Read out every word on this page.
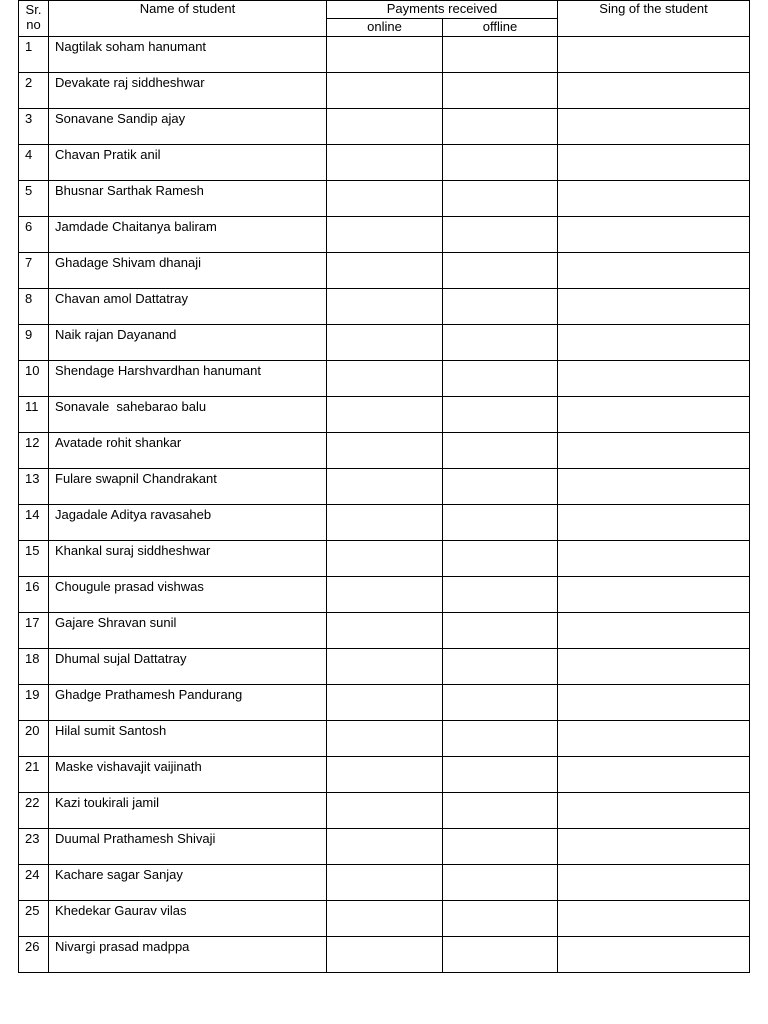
Sr.
no	Name of student	Payments received		Sing of the student
		online	offline	
1	Nagtilak soham hanumant			
2	Devakate raj siddheshwar			
3	Sonavane Sandip ajay			
4	Chavan Pratik anil			
5	Bhusnar Sarthak Ramesh			
6	Jamdade Chaitanya baliram			
7	Ghadage Shivam dhanaji			
8	Chavan amol Dattatray			
9	Naik rajan Dayanand			
10	Shendage Harshvardhan hanumant			
11	Sonavale  sahebarao balu			
12	Avatade rohit shankar			
13	Fulare swapnil Chandrakant			
14	Jagadale Aditya ravasaheb			
15	Khankal suraj siddheshwar			
16	Chougule prasad vishwas			
17	Gajare Shravan sunil			
18	Dhumal sujal Dattatray			
19	Ghadge Prathamesh Pandurang			
20	Hilal sumit Santosh			
21	Maske vishavajit vaijinath			
22	Kazi toukirali jamil			
23	Duumal Prathamesh Shivaji			
24	Kachare sagar Sanjay			
25	Khedekar Gaurav vilas			
26	Nivargi prasad madppa			
